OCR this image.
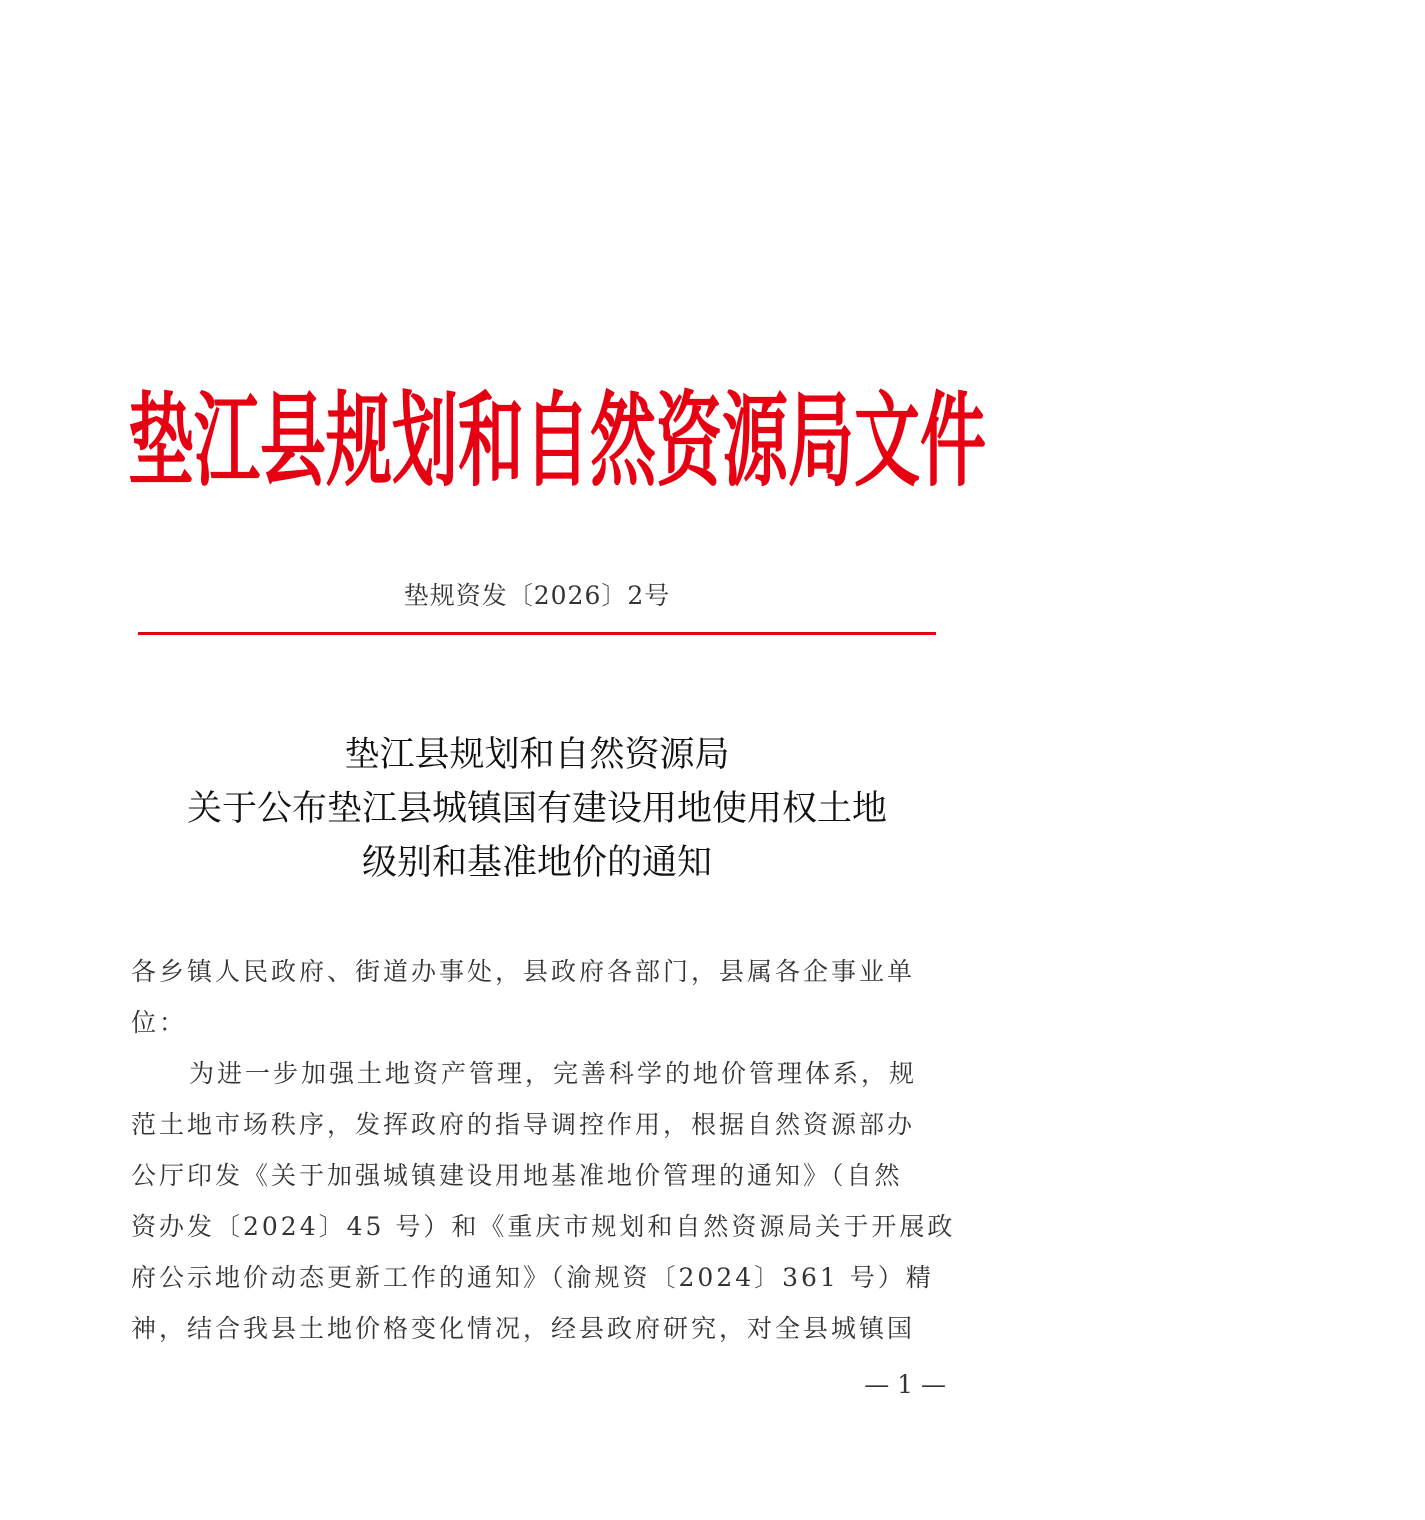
垫 江 县 规 划 和 自 然 资 源 局 文 件
垫规资发〔2026〕2号
垫江县规划和自然资源局
关于公布垫江县城镇国有建设用地使用权土地
级别和基准地价的通知
各乡镇人民政府、街道办事处，县政府各部门，县属各企事业单
位：
为进一步加强土地资产管理，完善科学的地价管理体系，规
范土地市场秩序，发挥政府的指导调控作用，根据自然资源部办
公厅印发《关于加强城镇建设用地基准地价管理的通知》（自然
资办发〔2024〕45 号）和《重庆市规划和自然资源局关于开展政
府公示地价动态更新工作的通知》（渝规资〔2024〕361 号）精
神，结合我县土地价格变化情况，经县政府研究，对全县城镇国
— 1 —
